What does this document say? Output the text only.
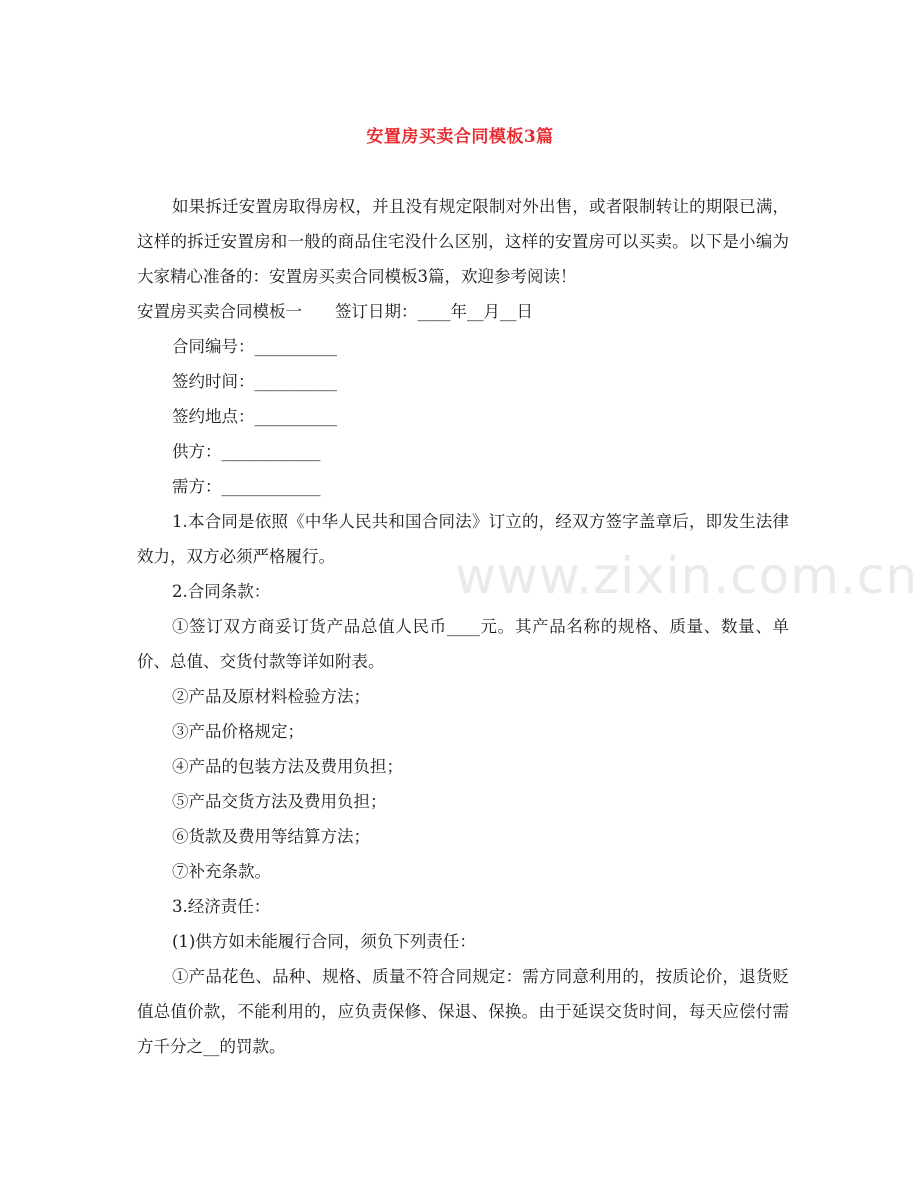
安置房买卖合同模板3篇

如果拆迁安置房取得房权，并且没有规定限制对外出售，或者限制转让的期限已满，这样的拆迁安置房和一般的商品住宅没什么区别，这样的安置房可以买卖。以下是小编为大家精心准备的：安置房买卖合同模板3篇，欢迎参考阅读！

安置房买卖合同模板一　　签订日期：____年__月__日

合同编号：__________

签约时间：__________

签约地点：__________

供方：____________

需方：____________

1.本合同是依照《中华人民共和国合同法》订立的，经双方签字盖章后，即发生法律效力，双方必须严格履行。

2.合同条款：

①签订双方商妥订货产品总值人民币____元。其产品名称的规格、质量、数量、单价、总值、交货付款等详如附表。

②产品及原材料检验方法；

③产品价格规定；

④产品的包装方法及费用负担；

⑤产品交货方法及费用负担；

⑥货款及费用等结算方法；

⑦补充条款。

3.经济责任：

(1)供方如未能履行合同，须负下列责任：

①产品花色、品种、规格、质量不符合同规定：需方同意利用的，按质论价，退货贬值总值价款，不能利用的，应负责保修、保退、保换。由于延误交货时间，每天应偿付需方千分之__的罚款。

www.zixin.com.cn
